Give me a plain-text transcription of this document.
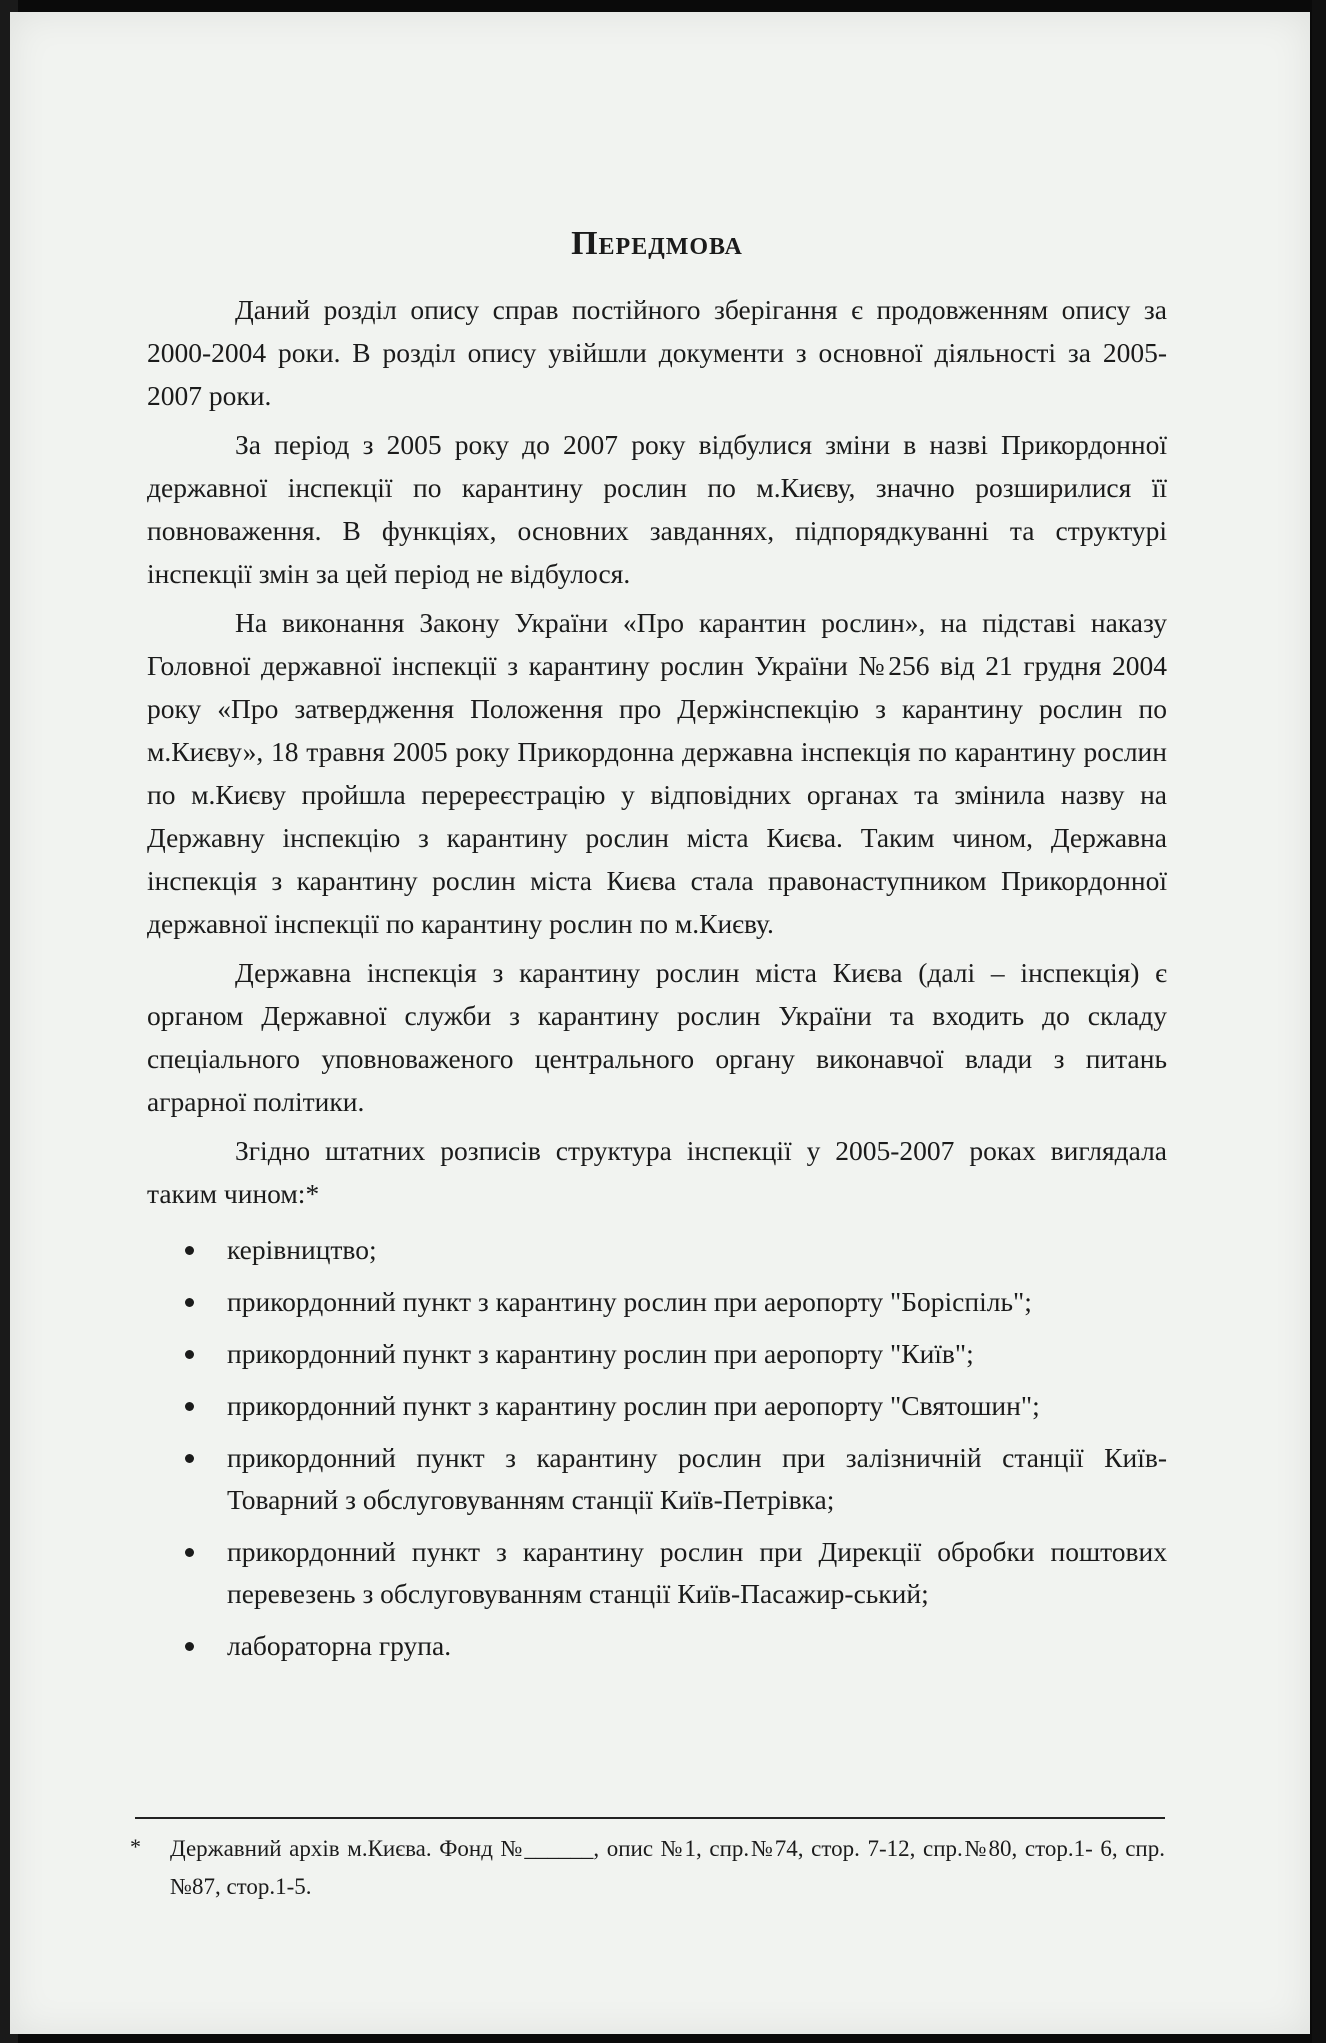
Передмова

Даний розділ опису справ постійного зберігання є продовженням опису за 2000-2004 роки. В розділ опису увійшли документи з основної діяльності за 2005-2007 роки.

За період з 2005 року до 2007 року відбулися зміни в назві Прикордонної державної інспекції по карантину рослин по м.Києву, значно розширилися її повноваження. В функціях, основних завданнях, підпорядкуванні та структурі інспекції змін за цей період не відбулося.

На виконання Закону України «Про карантин рослин», на підставі наказу Головної державної інспекції з карантину рослин України №256 від 21 грудня 2004 року «Про затвердження Положення про Держінспекцію з карантину рослин по м.Києву», 18 травня 2005 року Прикордонна державна інспекція по карантину рослин по м.Києву пройшла перереєстрацію у відповідних органах та змінила назву на Державну інспекцію з карантину рослин міста Києва. Таким чином, Державна інспекція з карантину рослин міста Києва стала правонаступником Прикордонної державної інспекції по карантину рослин по м.Києву.

Державна інспекція з карантину рослин міста Києва (далі – інспекція) є органом Державної служби з карантину рослин України та входить до складу спеціального уповноваженого центрального органу виконавчої влади з питань аграрної політики.

Згідно штатних розписів структура інспекції у 2005-2007 роках виглядала таким чином:*

керівництво;
прикордонний пункт з карантину рослин при аеропорту "Боріспіль";
прикордонний пункт з карантину рослин при аеропорту "Київ";
прикордонний пункт з карантину рослин при аеропорту "Святошин";
прикордонний пункт з карантину рослин при залізничній станції Київ-Товарний з обслуговуванням станції Київ-Петрівка;
прикордонний пункт з карантину рослин при Дирекції обробки поштових перевезень з обслуговуванням станції Київ-Пасажир-ський;
лабораторна група.
* Державний архів м.Києва. Фонд №______, опис №1, спр.№74, стор. 7-12, спр.№80, стор.1- 6, спр.№87, стор.1-5.
